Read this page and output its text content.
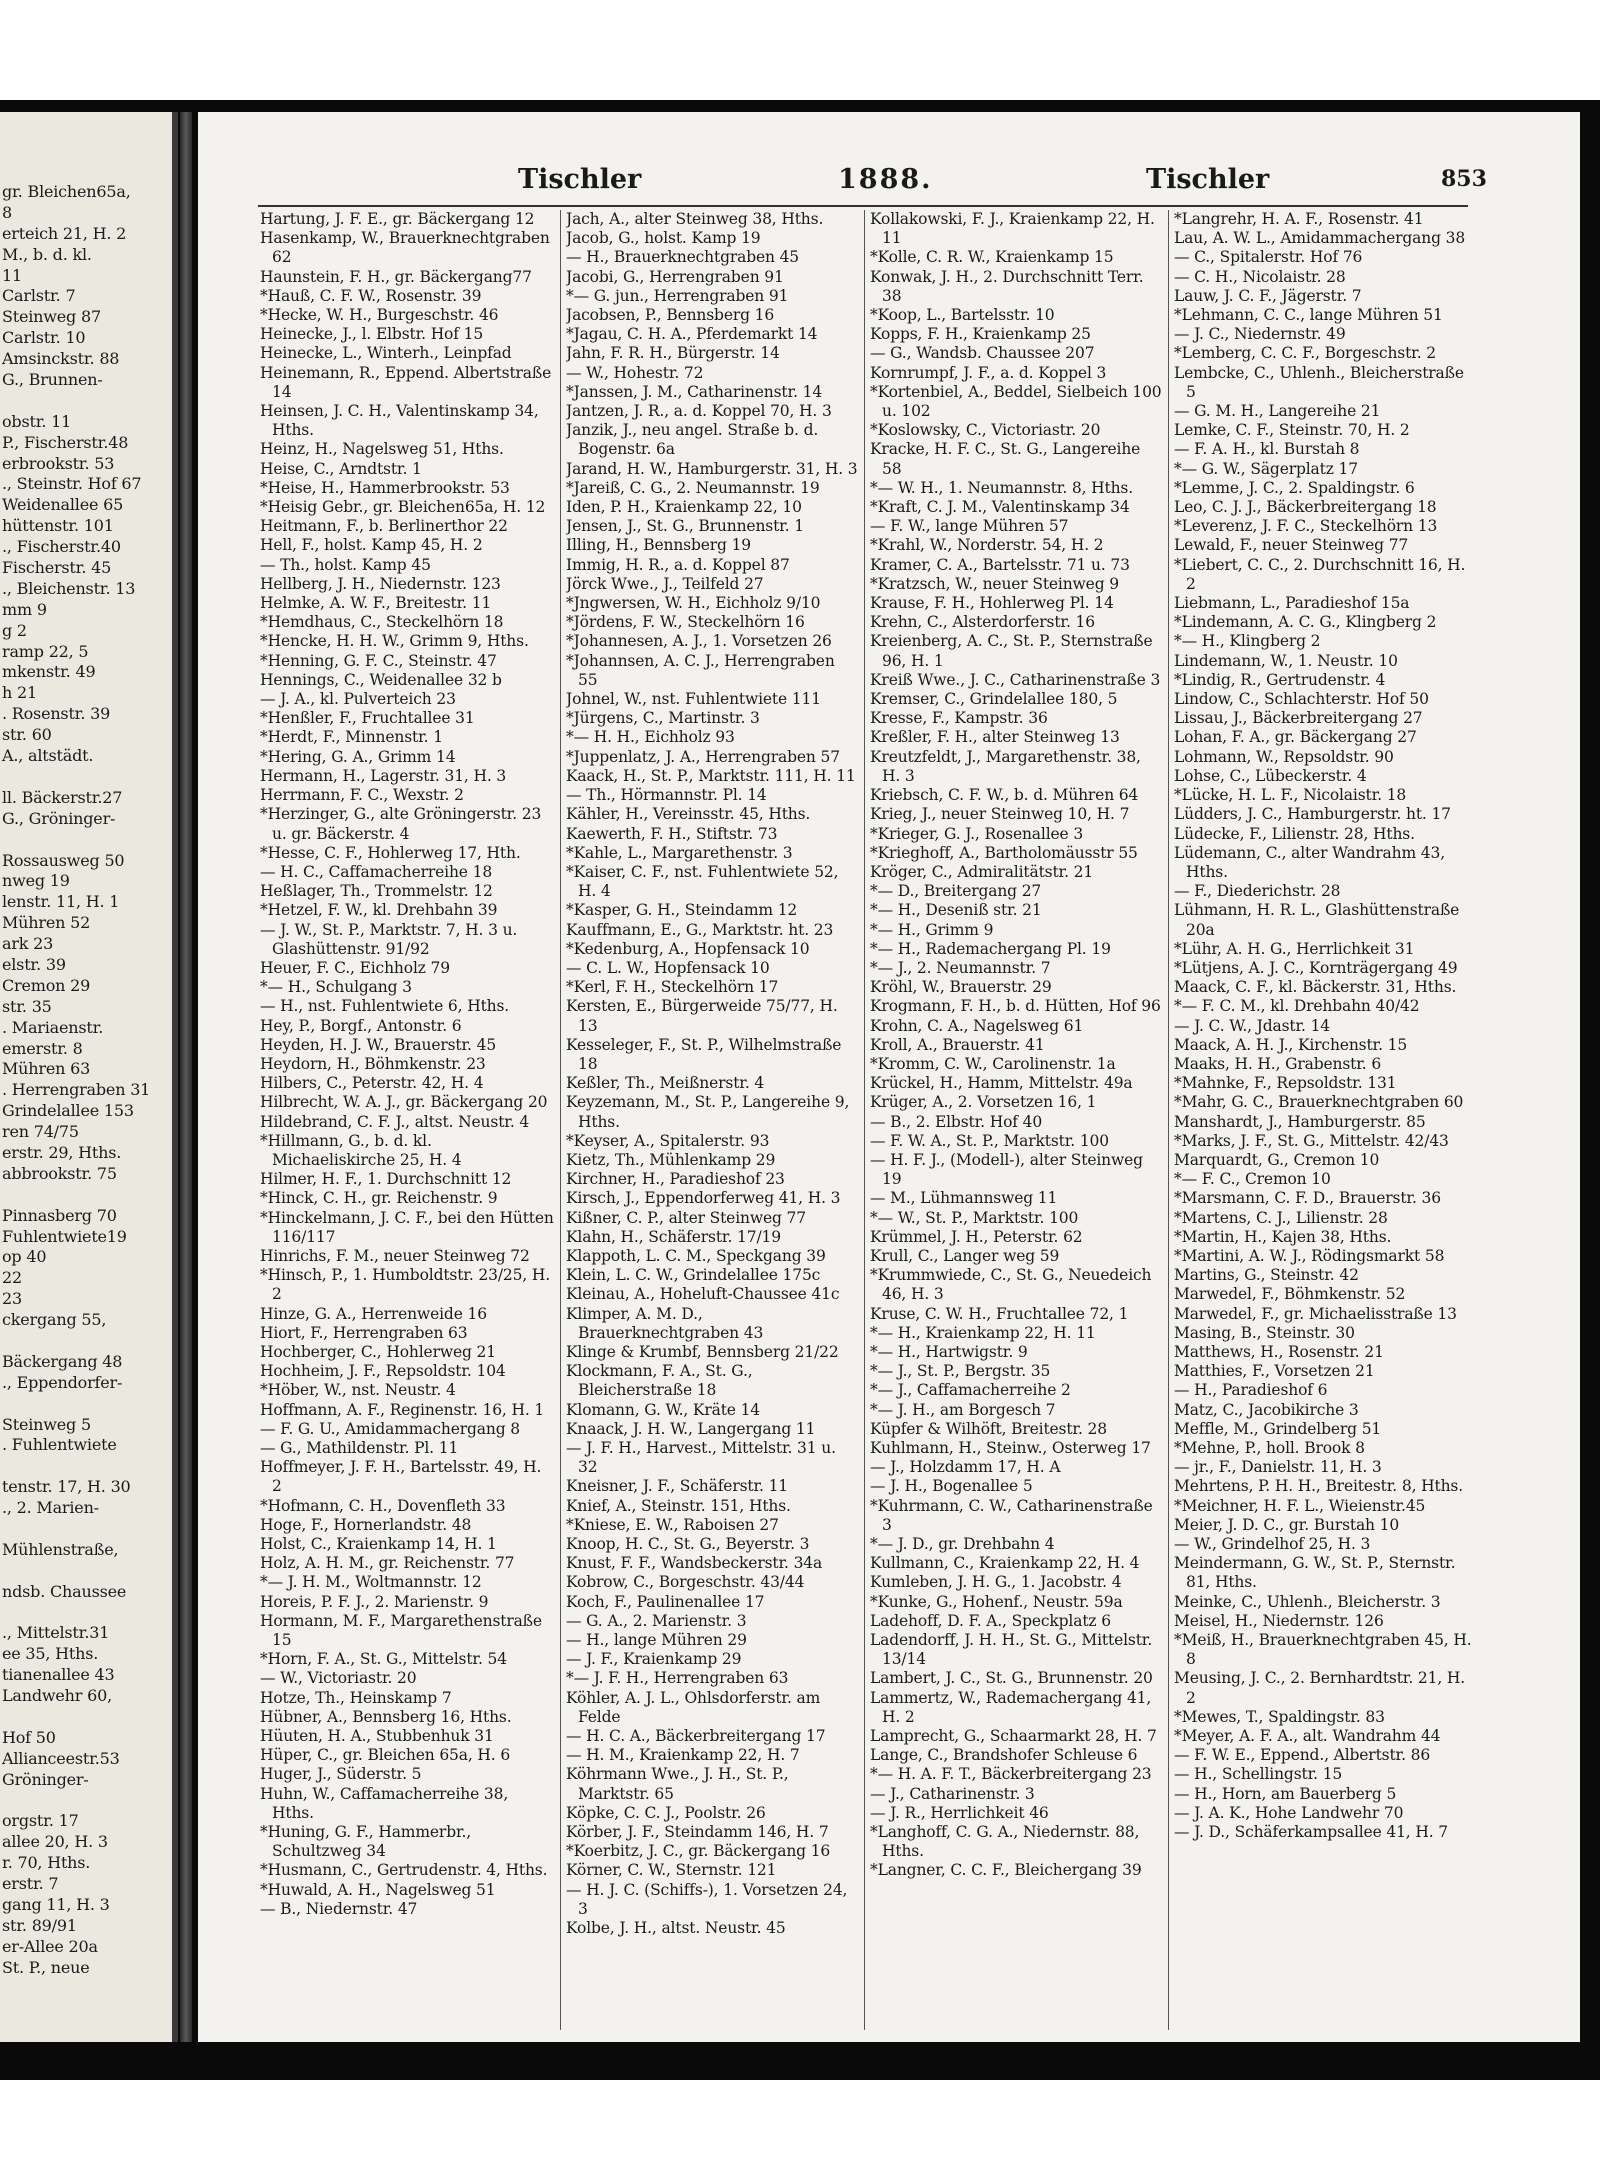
gr. Bleichen65a,
8
erteich 21, H. 2
M., b. d. kl.
11
Carlstr. 7
Steinweg 87
Carlstr. 10
Amsinckstr. 88
G., Brunnen-
obstr. 11
P., Fischerstr.48
erbrookstr. 53
., Steinstr. Hof 67
Weidenallee 65
hüttenstr. 101
., Fischerstr.40
Fischerstr. 45
., Bleichenstr. 13
mm 9
g 2
ramp 22, 5
mkenstr. 49
h 21
. Rosenstr. 39
str. 60
A., altstädt.
ll. Bäckerstr.27
G., Gröninger-
Rossausweg 50
nweg 19
lenstr. 11, H. 1
Mühren 52
ark 23
elstr. 39
Cremon 29
str. 35
. Mariaenstr.
emerstr. 8
Mühren 63
. Herrengraben 31
Grindelallee 153
ren 74/75
erstr. 29, Hths.
abbrookstr. 75
Pinnasberg 70
Fuhlentwiete19
op 40
22
23
ckergang 55,
Bäckergang 48
., Eppendorfer-
Steinweg 5
. Fuhlentwiete
tenstr. 17, H. 30
., 2. Marien-
Mühlenstraße,
ndsb. Chaussee
., Mittelstr.31
ee 35, Hths.
tianenallee 43
Landwehr 60,
Hof 50
Allianceestr.53
Gröninger-
orgstr. 17
allee 20, H. 3
r. 70, Hths.
erstr. 7
gang 11, H. 3
str. 89/91
er-Allee 20a
St. P., neue
Tischler	1888.	Tischler	853
Hartung, J. F. E., gr. Bäckergang 12
Hasenkamp, W., Brauerknechtgraben 62
Haunstein, F. H., gr. Bäckergang77
*Hauß, C. F. W., Rosenstr. 39
*Hecke, W. H., Burgeschstr. 46
Heinecke, J., l. Elbstr. Hof 15
Heinecke, L., Winterh., Leinpfad
Heinemann, R., Eppend. Albertstraße 14
Heinsen, J. C. H., Valentinskamp 34, Hths.
Heinz, H., Nagelsweg 51, Hths.
Heise, C., Arndtstr. 1
*Heise, H., Hammerbrookstr. 53
*Heisig Gebr., gr. Bleichen65a, H. 12
Heitmann, F., b. Berlinerthor 22
Hell, F., holst. Kamp 45, H. 2
— Th., holst. Kamp 45
Hellberg, J. H., Niedernstr. 123
Helmke, A. W. F., Breitestr. 11
*Hemdhaus, C., Steckelhörn 18
*Hencke, H. H. W., Grimm 9, Hths.
*Henning, G. F. C., Steinstr. 47
Hennings, C., Weidenallee 32 b
— J. A., kl. Pulverteich 23
*Henßler, F., Fruchtallee 31
*Herdt, F., Minnenstr. 1
*Hering, G. A., Grimm 14
Hermann, H., Lagerstr. 31, H. 3
Herrmann, F. C., Wexstr. 2
*Herzinger, G., alte Gröningerstr. 23 u. gr. Bäckerstr. 4
*Hesse, C. F., Hohlerweg 17, Hth.
— H. C., Caffamacherreihe 18
Heßlager, Th., Trommelstr. 12
*Hetzel, F. W., kl. Drehbahn 39
— J. W., St. P., Marktstr. 7, H. 3 u. Glashüttenstr. 91/92
Heuer, F. C., Eichholz 79
*— H., Schulgang 3
— H., nst. Fuhlentwiete 6, Hths.
Hey, P., Borgf., Antonstr. 6
Heyden, H. J. W., Brauerstr. 45
Heydorn, H., Böhmkenstr. 23
Hilbers, C., Peterstr. 42, H. 4
Hilbrecht, W. A. J., gr. Bäckergang 20
Hildebrand, C. F. J., altst. Neustr. 4
*Hillmann, G., b. d. kl. Michaeliskirche 25, H. 4
Hilmer, H. F., 1. Durchschnitt 12
*Hinck, C. H., gr. Reichenstr. 9
*Hinckelmann, J. C. F., bei den Hütten 116/117
Hinrichs, F. M., neuer Steinweg 72
*Hinsch, P., 1. Humboldtstr. 23/25, H. 2
Hinze, G. A., Herrenweide 16
Hiort, F., Herrengraben 63
Hochberger, C., Hohlerweg 21
Hochheim, J. F., Repsoldstr. 104
*Höber, W., nst. Neustr. 4
Hoffmann, A. F., Reginenstr. 16, H. 1
— F. G. U., Amidammachergang 8
— G., Mathildenstr. Pl. 11
Hoffmeyer, J. F. H., Bartelsstr. 49, H. 2
*Hofmann, C. H., Dovenfleth 33
Hoge, F., Hornerlandstr. 48
Holst, C., Kraienkamp 14, H. 1
Holz, A. H. M., gr. Reichenstr. 77
*— J. H. M., Woltmannstr. 12
Horeis, P. F. J., 2. Marienstr. 9
Hormann, M. F., Margarethenstraße 15
*Horn, F. A., St. G., Mittelstr. 54
— W., Victoriastr. 20
Hotze, Th., Heinskamp 7
Hübner, A., Bennsberg 16, Hths.
Hüuten, H. A., Stubbenhuk 31
Hüper, C., gr. Bleichen 65a, H. 6
Huger, J., Süderstr. 5
Huhn, W., Caffamacherreihe 38, Hths.
*Huning, G. F., Hammerbr., Schultzweg 34
*Husmann, C., Gertrudenstr. 4, Hths.
*Huwald, A. H., Nagelsweg 51
— B., Niedernstr. 47
Jach, A., alter Steinweg 38, Hths.
Jacob, G., holst. Kamp 19
— H., Brauerknechtgraben 45
Jacobi, G., Herrengraben 91
*— G. jun., Herrengraben 91
Jacobsen, P., Bennsberg 16
*Jagau, C. H. A., Pferdemarkt 14
Jahn, F. R. H., Bürgerstr. 14
— W., Hohestr. 72
*Janssen, J. M., Catharinenstr. 14
Jantzen, J. R., a. d. Koppel 70, H. 3
Janzik, J., neu angel. Straße b. d. Bogenstr. 6a
Jarand, H. W., Hamburgerstr. 31, H. 3
*Jareiß, C. G., 2. Neumannstr. 19
Iden, P. H., Kraienkamp 22, 10
Jensen, J., St. G., Brunnenstr. 1
Illing, H., Bennsberg 19
Immig, H. R., a. d. Koppel 87
Jörck Wwe., J., Teilfeld 27
*Jngwersen, W. H., Eichholz 9/10
*Jördens, F. W., Steckelhörn 16
*Johannesen, A. J., 1. Vorsetzen 26
*Johannsen, A. C. J., Herrengraben 55
Johnel, W., nst. Fuhlentwiete 111
*Jürgens, C., Martinstr. 3
*— H. H., Eichholz 93
*Juppenlatz, J. A., Herrengraben 57
Kaack, H., St. P., Marktstr. 111, H. 11
— Th., Hörmannstr. Pl. 14
Kähler, H., Vereinsstr. 45, Hths.
Kaewerth, F. H., Stiftstr. 73
*Kahle, L., Margarethenstr. 3
*Kaiser, C. F., nst. Fuhlentwiete 52, H. 4
*Kasper, G. H., Steindamm 12
Kauffmann, E., G., Marktstr. ht. 23
*Kedenburg, A., Hopfensack 10
— C. L. W., Hopfensack 10
*Kerl, F. H., Steckelhörn 17
Kersten, E., Bürgerweide 75/77, H. 13
Kesseleger, F., St. P., Wilhelmstraße 18
Keßler, Th., Meißnerstr. 4
Keyzemann, M., St. P., Langereihe 9, Hths.
*Keyser, A., Spitalerstr. 93
Kietz, Th., Mühlenkamp 29
Kirchner, H., Paradieshof 23
Kirsch, J., Eppendorferweg 41, H. 3
Kißner, C. P., alter Steinweg 77
Klahn, H., Schäferstr. 17/19
Klappoth, L. C. M., Speckgang 39
Klein, L. C. W., Grindelallee 175c
Kleinau, A., Hoheluft-Chaussee 41c
Klimper, A. M. D., Brauerknechtgraben 43
Klinge & Krumbf, Bennsberg 21/22
Klockmann, F. A., St. G., Bleicherstraße 18
Klomann, G. W., Kräte 14
Knaack, J. H. W., Langergang 11
— J. F. H., Harvest., Mittelstr. 31 u. 32
Kneisner, J. F., Schäferstr. 11
Knief, A., Steinstr. 151, Hths.
*Kniese, E. W., Raboisen 27
Knoop, H. C., St. G., Beyerstr. 3
Knust, F. F., Wandsbeckerstr. 34a
Kobrow, C., Borgeschstr. 43/44
Koch, F., Paulinenallee 17
— G. A., 2. Marienstr. 3
— H., lange Mühren 29
— J. F., Kraienkamp 29
*— J. F. H., Herrengraben 63
Köhler, A. J. L., Ohlsdorferstr. am Felde
— H. C. A., Bäckerbreitergang 17
— H. M., Kraienkamp 22, H. 7
Köhrmann Wwe., J. H., St. P., Marktstr. 65
Köpke, C. C. J., Poolstr. 26
Körber, J. F., Steindamm 146, H. 7
*Koerbitz, J. C., gr. Bäckergang 16
Körner, C. W., Sternstr. 121
— H. J. C. (Schiffs-), 1. Vorsetzen 24, 3
Kolbe, J. H., altst. Neustr. 45
Kollakowski, F. J., Kraienkamp 22, H. 11
*Kolle, C. R. W., Kraienkamp 15
Konwak, J. H., 2. Durchschnitt Terr. 38
*Koop, L., Bartelsstr. 10
Kopps, F. H., Kraienkamp 25
— G., Wandsb. Chaussee 207
Kornrumpf, J. F., a. d. Koppel 3
*Kortenbiel, A., Beddel, Sielbeich 100 u. 102
*Koslowsky, C., Victoriastr. 20
Kracke, H. F. C., St. G., Langereihe 58
*— W. H., 1. Neumannstr. 8, Hths.
*Kraft, C. J. M., Valentinskamp 34
— F. W., lange Mühren 57
*Krahl, W., Norderstr. 54, H. 2
Kramer, C. A., Bartelsstr. 71 u. 73
*Kratzsch, W., neuer Steinweg 9
Krause, F. H., Hohlerweg Pl. 14
Krehn, C., Alsterdorferstr. 16
Kreienberg, A. C., St. P., Sternstraße 96, H. 1
Kreiß Wwe., J. C., Catharinenstraße 3
Kremser, C., Grindelallee 180, 5
Kresse, F., Kampstr. 36
Kreßler, F. H., alter Steinweg 13
Kreutzfeldt, J., Margarethenstr. 38, H. 3
Kriebsch, C. F. W., b. d. Mühren 64
Krieg, J., neuer Steinweg 10, H. 7
*Krieger, G. J., Rosenallee 3
*Krieghoff, A., Bartholomäusstr 55
Kröger, C., Admiralitätstr. 21
*— D., Breitergang 27
*— H., Deseniß str. 21
*— H., Grimm 9
*— H., Rademachergang Pl. 19
*— J., 2. Neumannstr. 7
Kröhl, W., Brauerstr. 29
Krogmann, F. H., b. d. Hütten, Hof 96
Krohn, C. A., Nagelsweg 61
Kroll, A., Brauerstr. 41
*Kromm, C. W., Carolinenstr. 1a
Krückel, H., Hamm, Mittelstr. 49a
Krüger, A., 2. Vorsetzen 16, 1
— B., 2. Elbstr. Hof 40
— F. W. A., St. P., Marktstr. 100
— H. F. J., (Modell-), alter Steinweg 19
— M., Lühmannsweg 11
*— W., St. P., Marktstr. 100
Krümmel, J. H., Peterstr. 62
Krull, C., Langer weg 59
*Krummwiede, C., St. G., Neuedeich 46, H. 3
Kruse, C. W. H., Fruchtallee 72, 1
*— H., Kraienkamp 22, H. 11
*— H., Hartwigstr. 9
*— J., St. P., Bergstr. 35
*— J., Caffamacherreihe 2
*— J. H., am Borgesch 7
Küpfer & Wilhöft, Breitestr. 28
Kuhlmann, H., Steinw., Osterweg 17
— J., Holzdamm 17, H. A
— J. H., Bogenallee 5
*Kuhrmann, C. W., Catharinenstraße 3
*— J. D., gr. Drehbahn 4
Kullmann, C., Kraienkamp 22, H. 4
Kumleben, J. H. G., 1. Jacobstr. 4
*Kunke, G., Hohenf., Neustr. 59a
Ladehoff, D. F. A., Speckplatz 6
Ladendorff, J. H. H., St. G., Mittelstr. 13/14
Lambert, J. C., St. G., Brunnenstr. 20
Lammertz, W., Rademachergang 41, H. 2
Lamprecht, G., Schaarmarkt 28, H. 7
Lange, C., Brandshofer Schleuse 6
*— H. A. F. T., Bäckerbreitergang 23
— J., Catharinenstr. 3
— J. R., Herrlichkeit 46
*Langhoff, C. G. A., Niedernstr. 88, Hths.
*Langner, C. C. F., Bleichergang 39
*Langrehr, H. A. F., Rosenstr. 41
Lau, A. W. L., Amidammachergang 38
— C., Spitalerstr. Hof 76
— C. H., Nicolaistr. 28
Lauw, J. C. F., Jägerstr. 7
*Lehmann, C. C., lange Mühren 51
— J. C., Niedernstr. 49
*Lemberg, C. C. F., Borgeschstr. 2
Lembcke, C., Uhlenh., Bleicherstraße 5
— G. M. H., Langereihe 21
Lemke, C. F., Steinstr. 70, H. 2
— F. A. H., kl. Burstah 8
*— G. W., Sägerplatz 17
*Lemme, J. C., 2. Spaldingstr. 6
Leo, C. J. J., Bäckerbreitergang 18
*Leverenz, J. F. C., Steckelhörn 13
Lewald, F., neuer Steinweg 77
*Liebert, C. C., 2. Durchschnitt 16, H. 2
Liebmann, L., Paradieshof 15a
*Lindemann, A. C. G., Klingberg 2
*— H., Klingberg 2
Lindemann, W., 1. Neustr. 10
*Lindig, R., Gertrudenstr. 4
Lindow, C., Schlachterstr. Hof 50
Lissau, J., Bäckerbreitergang 27
Lohan, F. A., gr. Bäckergang 27
Lohmann, W., Repsoldstr. 90
Lohse, C., Lübeckerstr. 4
*Lücke, H. L. F., Nicolaistr. 18
Lüdders, J. C., Hamburgerstr. ht. 17
Lüdecke, F., Lilienstr. 28, Hths.
Lüdemann, C., alter Wandrahm 43, Hths.
— F., Diederichstr. 28
Lühmann, H. R. L., Glashüttenstraße 20a
*Lühr, A. H. G., Herrlichkeit 31
*Lütjens, A. J. C., Kornträgergang 49
Maack, C. F., kl. Bäckerstr. 31, Hths.
*— F. C. M., kl. Drehbahn 40/42
— J. C. W., Jdastr. 14
Maack, A. H. J., Kirchenstr. 15
Maaks, H. H., Grabenstr. 6
*Mahnke, F., Repsoldstr. 131
*Mahr, G. C., Brauerknechtgraben 60
Manshardt, J., Hamburgerstr. 85
*Marks, J. F., St. G., Mittelstr. 42/43
Marquardt, G., Cremon 10
*— F. C., Cremon 10
*Marsmann, C. F. D., Brauerstr. 36
*Martens, C. J., Lilienstr. 28
*Martin, H., Kajen 38, Hths.
*Martini, A. W. J., Rödingsmarkt 58
Martins, G., Steinstr. 42
Marwedel, F., Böhmkenstr. 52
Marwedel, F., gr. Michaelisstraße 13
Masing, B., Steinstr. 30
Matthews, H., Rosenstr. 21
Matthies, F., Vorsetzen 21
— H., Paradieshof 6
Matz, C., Jacobikirche 3
Meffle, M., Grindelberg 51
*Mehne, P., holl. Brook 8
— jr., F., Danielstr. 11, H. 3
Mehrtens, P. H. H., Breitestr. 8, Hths.
*Meichner, H. F. L., Wieienstr.45
Meier, J. D. C., gr. Burstah 10
— W., Grindelhof 25, H. 3
Meindermann, G. W., St. P., Sternstr. 81, Hths.
Meinke, C., Uhlenh., Bleicherstr. 3
Meisel, H., Niedernstr. 126
*Meiß, H., Brauerknechtgraben 45, H. 8
Meusing, J. C., 2. Bernhardtstr. 21, H. 2
*Mewes, T., Spaldingstr. 83
*Meyer, A. F. A., alt. Wandrahm 44
— F. W. E., Eppend., Albertstr. 86
— H., Schellingstr. 15
— H., Horn, am Bauerberg 5
— J. A. K., Hohe Landwehr 70
— J. D., Schäferkampsallee 41, H. 7
